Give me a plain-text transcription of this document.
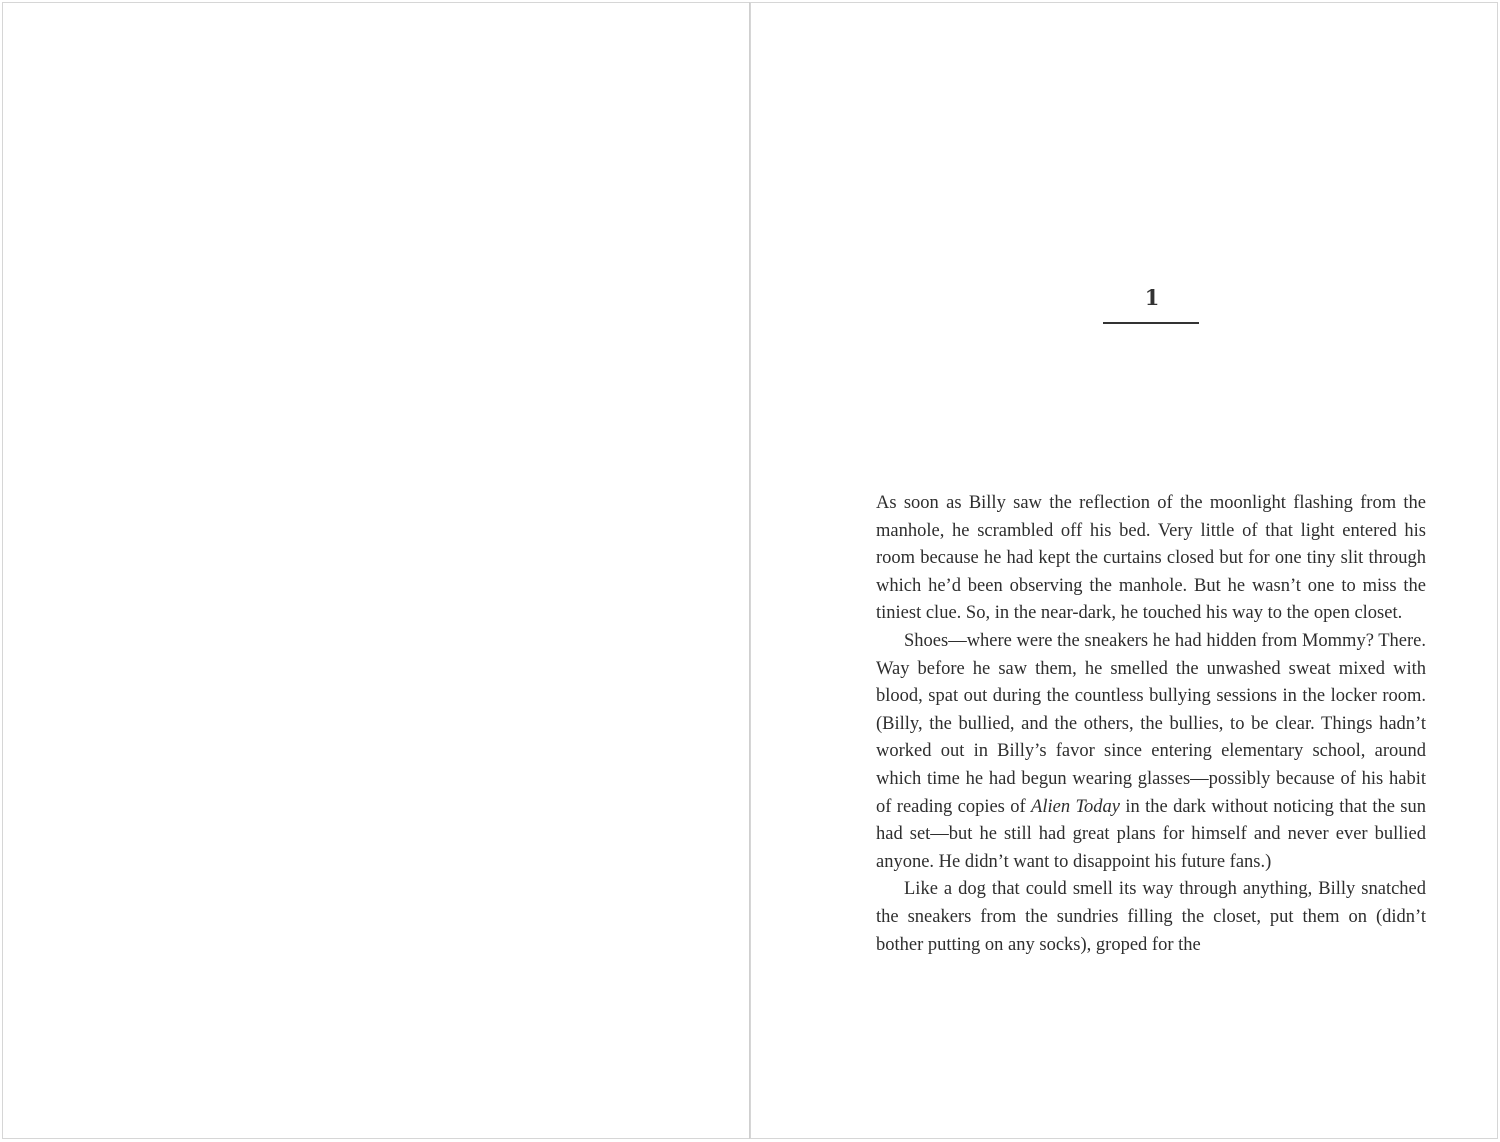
1

As soon as Billy saw the reflection of the moonlight flashing from the manhole, he scrambled off his bed. Very little of that light entered his room because he had kept the curtains closed but for one tiny slit through which he’d been observing the manhole. But he wasn’t one to miss the tiniest clue. So, in the near-dark, he touched his way to the open closet.

Shoes—where were the sneakers he had hidden from Mommy? There. Way before he saw them, he smelled the unwashed sweat mixed with blood, spat out during the countless bullying sessions in the locker room. (Billy, the bullied, and the others, the bullies, to be clear. Things hadn’t worked out in Billy’s favor since entering elementary school, around which time he had begun wearing glasses—possibly because of his habit of reading copies of Alien Today in the dark without noticing that the sun had set—but he still had great plans for himself and never ever bullied anyone. He didn’t want to disappoint his future fans.)

Like a dog that could smell its way through anything, Billy snatched the sneakers from the sundries filling the closet, put them on (didn’t bother putting on any socks), groped for the
